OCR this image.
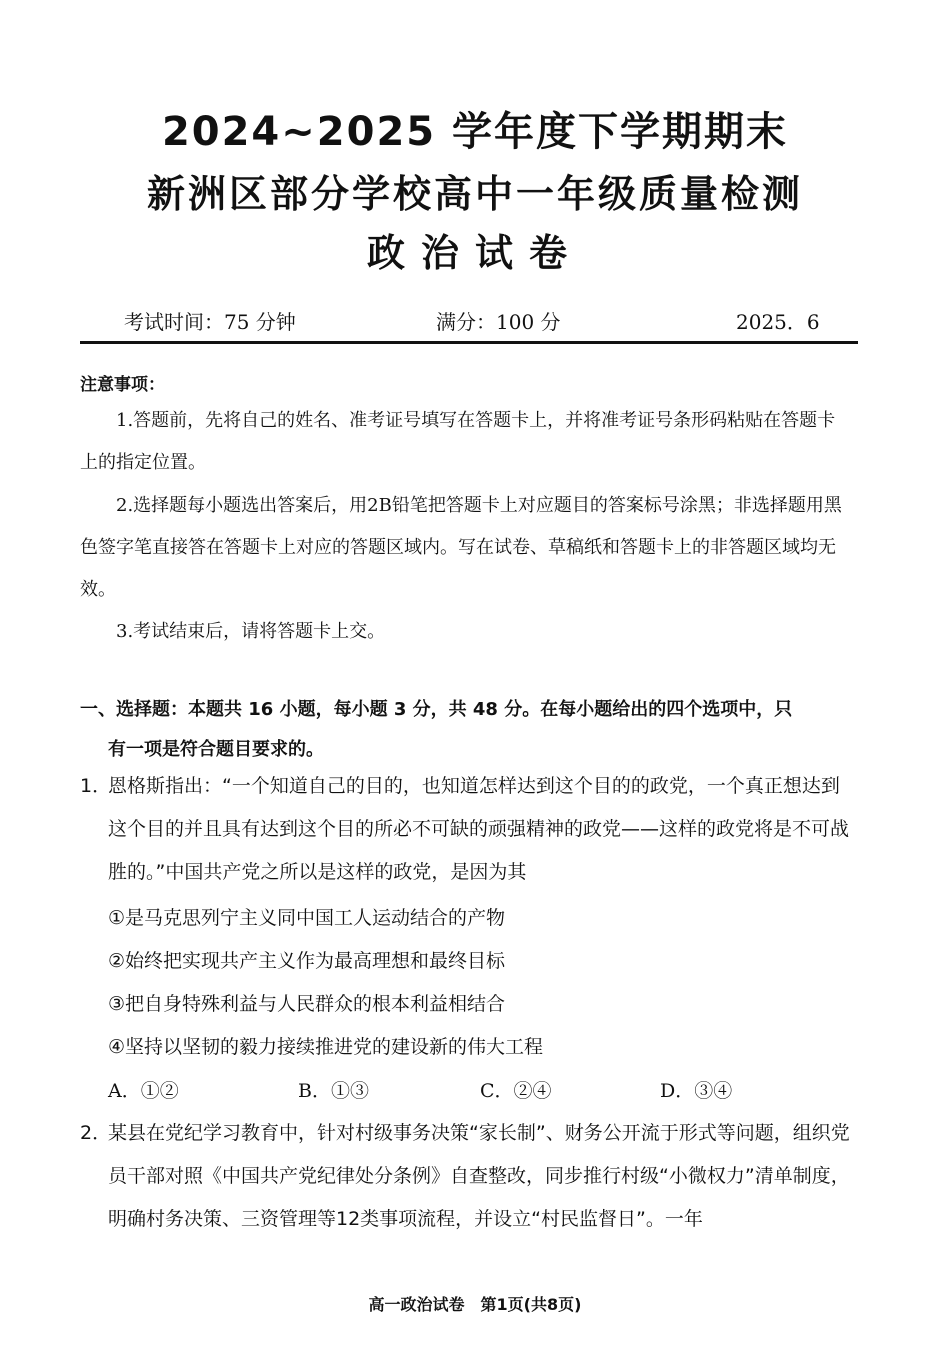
2024~2025 学年度下学期期末
新洲区部分学校高中一年级质量检测
政治试卷
考试时间：75 分钟	满分：100 分	2025．6
注意事项：

1.答题前，先将自己的姓名、准考证号填写在答题卡上，并将准考证号条形码粘贴在答题卡上的指定位置。

2.选择题每小题选出答案后，用2B铅笔把答题卡上对应题目的答案标号涂黑；非选择题用黑色签字笔直接答在答题卡上对应的答题区域内。写在试卷、草稿纸和答题卡上的非答题区域均无效。

3.考试结束后，请将答题卡上交。

一、选择题：本题共 16 小题，每小题 3 分，共 48 分。在每小题给出的四个选项中，只
有一项是符合题目要求的。
1．
恩格斯指出：“一个知道自己的目的，也知道怎样达到这个目的的政党，一个真正想达到这个目的并且具有达到这个目的所必不可缺的顽强精神的政党——这样的政党将是不可战胜的。”中国共产党之所以是这样的政党，是因为其
①是马克思列宁主义同中国工人运动结合的产物
②始终把实现共产主义作为最高理想和最终目标
③把自身特殊利益与人民群众的根本利益相结合
④坚持以坚韧的毅力接续推进党的建设新的伟大工程
A．①②	B．①③	C．②④	D．③④
2．
某县在党纪学习教育中，针对村级事务决策“家长制”、财务公开流于形式等问题，组织党员干部对照《中国共产党纪律处分条例》自查整改，同步推行村级“小微权力”清单制度，明确村务决策、三资管理等12类事项流程，并设立“村民监督日”。一年
高一政治试卷　第1页(共8页)
